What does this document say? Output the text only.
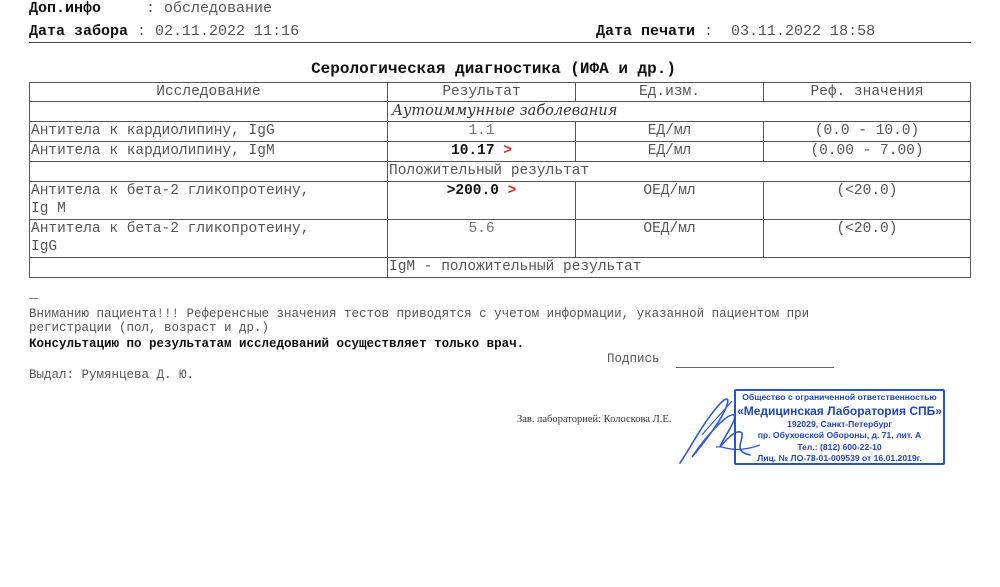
Доп.инфо     : обследование
Дата забора : 02.11.2022 11:16	Дата печати :  03.11.2022 18:58
Серологическая диагностика (ИФА и др.)
Исследование	Результат	Ед.изм.	Реф. значения
	Аутоиммунные заболевания		
Антитела к кардиолипину, IgG	1.1	ЕД/мл	(0.0 - 10.0)
Антитела к кардиолипину, IgM	10.17 >	ЕД/мл	(0.00 - 7.00)
	Положительный результат		
Антитела к бета-2 гликопротеину,
Ig M	>200.0 >	ОЕД/мл	(<20.0)
Антитела к бета-2 гликопротеину,
IgG	5.6	ОЕД/мл	(<20.0)
	IgM - положительный результат		
Вниманию пациента!!! Референсные значения тестов приводятся с учетом информации, указанной пациентом при
регистрации (пол, возраст и др.)
Консультацию по результатам исследований осуществляет только врач.
Подпись
Выдал: Румянцева Д. Ю.
Зав. лабораторией: Колоскова Л.Е.
Общество с ограниченной ответственностью
«Медицинская Лаборатория СПБ»
192029, Санкт-Петербург
пр. Обуховской Обороны, д. 71, лит. А
Тел.: (812) 600-22-10
Лиц. № ЛО-78-01-009539 от 16.01.2019г.
